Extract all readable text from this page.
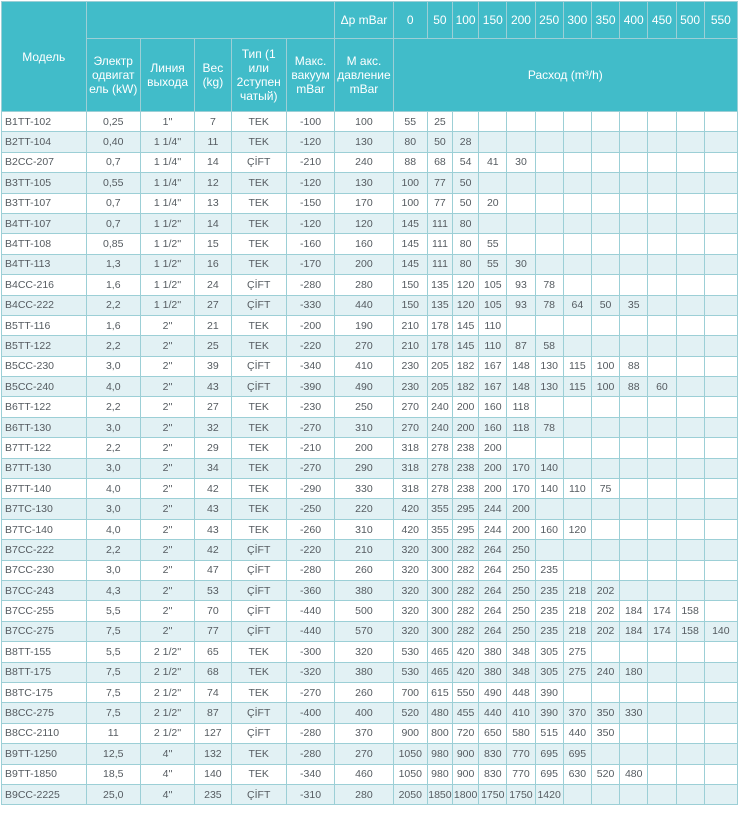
Модель						Δp mBar	0	50	100	150	200	250	300	350	400	450	500	550
	Электр одвигат ель (kW)	Линия выхода	Вес (kg)	Тип (1 или 2ступен чатый)	Макс. вакуум mBar	М акс. давление mBar	Расход (m³/h)											
B1TT-102	0,25	1''	7	TEK	-100	100	55	25										
B2TT-104	0,40	1 1/4''	11	TEK	-120	130	80	50	28									
B2CC-207	0,7	1 1/4''	14	ÇİFT	-210	240	88	68	54	41	30							
B3TT-105	0,55	1 1/4''	12	TEK	-120	130	100	77	50									
B3TT-107	0,7	1 1/4''	13	TEK	-150	170	100	77	50	20								
B4TT-107	0,7	1 1/2''	14	TEK	-120	120	145	111	80									
B4TT-108	0,85	1 1/2''	15	TEK	-160	160	145	111	80	55								
B4TT-113	1,3	1 1/2''	16	TEK	-170	200	145	111	80	55	30							
B4CC-216	1,6	1 1/2''	24	ÇİFT	-280	280	150	135	120	105	93	78						
B4CC-222	2,2	1 1/2''	27	ÇİFT	-330	440	150	135	120	105	93	78	64	50	35			
B5TT-116	1,6	2''	21	TEK	-200	190	210	178	145	110								
B5TT-122	2,2	2''	25	TEK	-220	270	210	178	145	110	87	58						
B5CC-230	3,0	2''	39	ÇİFT	-340	410	230	205	182	167	148	130	115	100	88			
B5CC-240	4,0	2''	43	ÇİFT	-390	490	230	205	182	167	148	130	115	100	88	60		
B6TT-122	2,2	2''	27	TEK	-230	250	270	240	200	160	118							
B6TT-130	3,0	2''	32	TEK	-270	310	270	240	200	160	118	78						
B7TT-122	2,2	2''	29	TEK	-210	200	318	278	238	200								
B7TT-130	3,0	2''	34	TEK	-270	290	318	278	238	200	170	140						
B7TT-140	4,0	2''	42	TEK	-290	330	318	278	238	200	170	140	110	75				
B7TC-130	3,0	2''	43	TEK	-250	220	420	355	295	244	200							
B7TC-140	4,0	2''	43	TEK	-260	310	420	355	295	244	200	160	120					
B7CC-222	2,2	2''	42	ÇİFT	-220	210	320	300	282	264	250							
B7CC-230	3,0	2''	47	ÇİFT	-280	260	320	300	282	264	250	235						
B7CC-243	4,3	2''	53	ÇİFT	-360	380	320	300	282	264	250	235	218	202				
B7CC-255	5,5	2''	70	ÇİFT	-440	500	320	300	282	264	250	235	218	202	184	174	158	
B7CC-275	7,5	2''	77	ÇİFT	-440	570	320	300	282	264	250	235	218	202	184	174	158	140
B8TT-155	5,5	2 1/2''	65	TEK	-300	320	530	465	420	380	348	305	275					
B8TT-175	7,5	2 1/2''	68	TEK	-320	380	530	465	420	380	348	305	275	240	180			
B8TC-175	7,5	2 1/2''	74	TEK	-270	260	700	615	550	490	448	390						
B8CC-275	7,5	2 1/2''	87	ÇİFT	-400	400	520	480	455	440	410	390	370	350	330			
B8CC-2110	11	2 1/2''	127	ÇİFT	-280	370	900	800	720	650	580	515	440	350				
B9TT-1250	12,5	4''	132	TEK	-280	270	1050	980	900	830	770	695	695					
B9TT-1850	18,5	4''	140	TEK	-340	460	1050	980	900	830	770	695	630	520	480			
B9CC-2225	25,0	4''	235	ÇİFT	-310	280	2050	1850	1800	1750	1750	1420						
